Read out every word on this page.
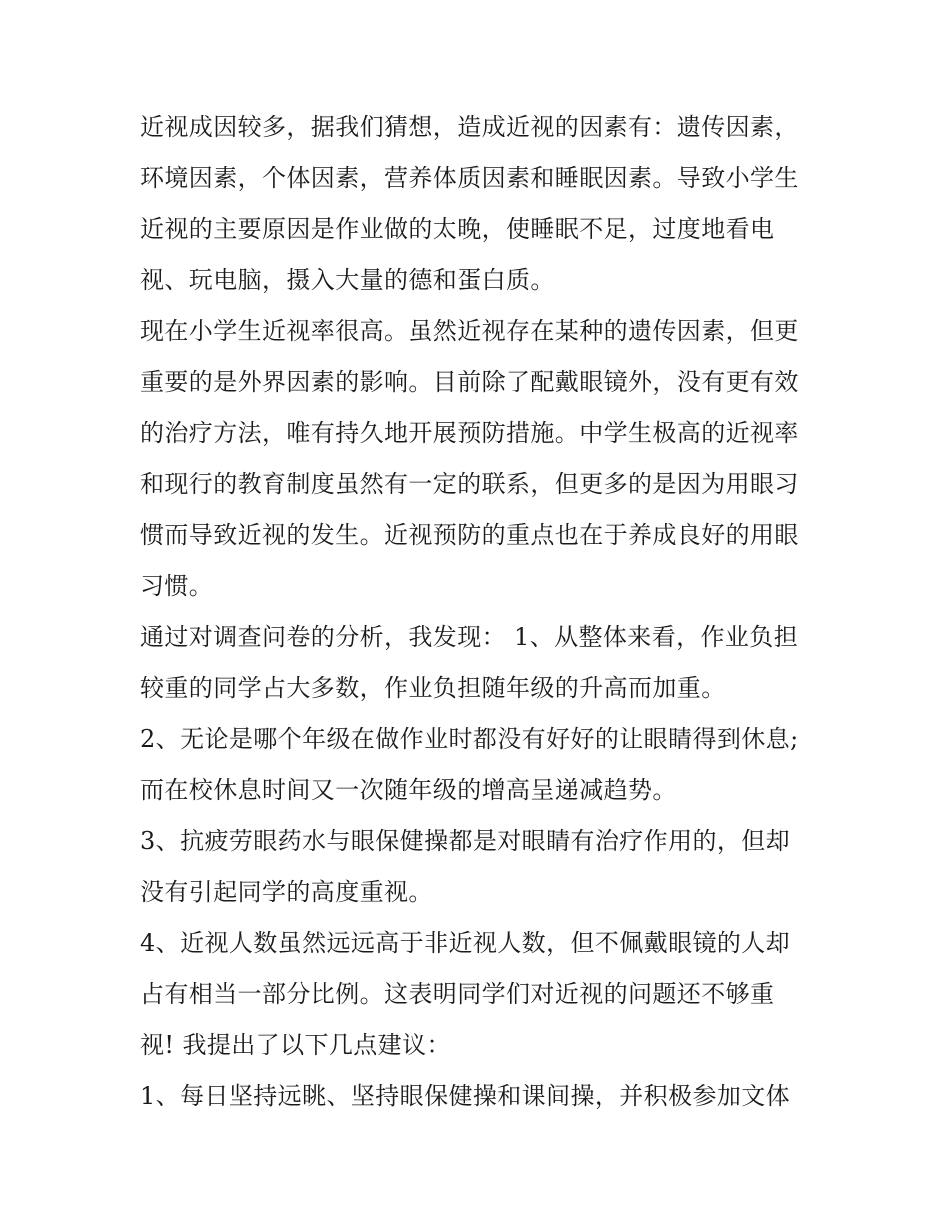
近视成因较多，据我们猜想，造成近视的因素有：遗传因素，
环境因素，个体因素，营养体质因素和睡眠因素。导致小学生
近视的主要原因是作业做的太晚，使睡眠不足，过度地看电
视、玩电脑，摄入大量的德和蛋白质。
现在小学生近视率很高。虽然近视存在某种的遗传因素，但更
重要的是外界因素的影响。目前除了配戴眼镜外，没有更有效
的治疗方法，唯有持久地开展预防措施。中学生极高的近视率
和现行的教育制度虽然有一定的联系，但更多的是因为用眼习
惯而导致近视的发生。近视预防的重点也在于养成良好的用眼
习惯。
通过对调查问卷的分析，我发现： 1、从整体来看，作业负担
较重的同学占大多数，作业负担随年级的升高而加重。
2、无论是哪个年级在做作业时都没有好好的让眼睛得到休息;
而在校休息时间又一次随年级的增高呈递减趋势。
3、抗疲劳眼药水与眼保健操都是对眼睛有治疗作用的，但却
没有引起同学的高度重视。
4、近视人数虽然远远高于非近视人数，但不佩戴眼镜的人却
占有相当一部分比例。这表明同学们对近视的问题还不够重
视! 我提出了以下几点建议：
1、每日坚持远眺、坚持眼保健操和课间操，并积极参加文体
